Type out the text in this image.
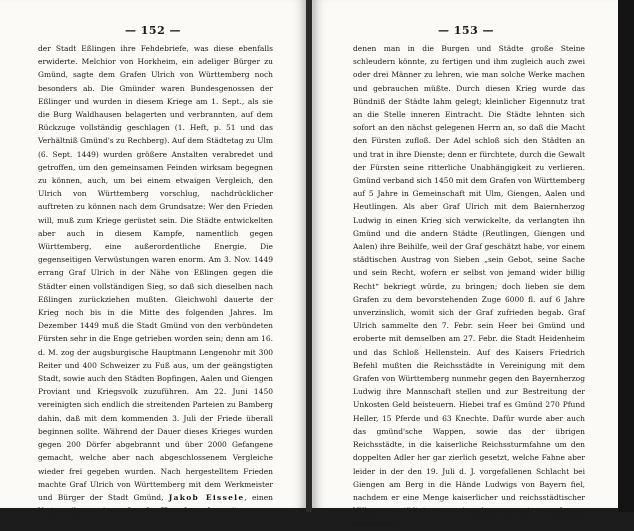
— 152 —

der Stadt Eßlingen ihre Fehdebriefe, was diese ebenfalls erwiderte. Melchior von Horkheim, ein adeliger Bürger zu Gmünd, sagte dem Grafen Ulrich von Württemberg noch besonders ab. Die Gmünder waren Bundesgenossen der Eßlinger und wurden in diesem Kriege am 1. Sept., als sie die Burg Waldhausen belagerten und verbrannten, auf dem Rückzuge vollständig geschlagen (1. Heft, p. 51 und das Verhältniß Gmünd's zu Rechberg). Auf dem Städtetag zu Ulm (6. Sept. 1449) wurden größere Anstalten verabredet und getroffen, um den gemeinsamen Feinden wirksam begegnen zu können, auch, um bei einem etwaigen Vergleich, den Ulrich von Württemberg vorschlug, nachdrücklicher auftreten zu können nach dem Grundsatze: Wer den Frieden will, muß zum Kriege gerüstet sein. Die Städte entwickelten aber auch in diesem Kampfe, namentlich gegen Württemberg, eine außerordentliche Energie. Die gegenseitigen Verwüstungen waren enorm. Am 3. Nov. 1449 errang Graf Ulrich in der Nähe von Eßlingen gegen die Städter einen vollständigen Sieg, so daß sich dieselben nach Eßlingen zurückziehen mußten. Gleichwohl dauerte der Krieg noch bis in die Mitte des folgenden Jahres. Im Dezember 1449 muß die Stadt Gmünd von den verbündeten Fürsten sehr in die Enge getrieben worden sein; denn am 16. d. M. zog der augsburgische Hauptmann Lengenohr mit 300 Reiter und 400 Schweizer zu Fuß aus, um der geängstigten Stadt, sowie auch den Städten Bopfingen, Aalen und Giengen Proviant und Kriegsvolk zuzuführen. Am 22. Juni 1450 vereinigten sich endlich die streitenden Parteien zu Bamberg dahin, daß mit dem kommenden 3. Juli der Friede überall beginnen sollte. Während der Dauer dieses Krieges wurden gegen 200 Dörfer abgebrannt und über 2000 Gefangene gemacht, welche aber nach abgeschlossenem Vergleiche wieder frei gegeben wurden. Nach hergestelltem Frieden machte Graf Ulrich von Württemberg mit dem Werkmeister und Bürger der Stadt Gmünd, Jakob Eissele, einen Vertrag, ihm zwei werfende Handwerke, mit

— 153 —

denen man in die Burgen und Städte große Steine schleudern könnte, zu fertigen und ihm zugleich auch zwei oder drei Männer zu lehren, wie man solche Werke machen und gebrauchen müßte. Durch diesen Krieg wurde das Bündniß der Städte lahm gelegt; kleinlicher Eigennutz trat an die Stelle inneren Eintracht. Die Städte lehnten sich sofort an den nächst gelegenen Herrn an, so daß die Macht den Fürsten zufloß. Der Adel schloß sich den Städten an und trat in ihre Dienste; denn er fürchtete, durch die Gewalt der Fürsten seine ritterliche Unabhängigkeit zu verlieren. Gmünd verband sich 1450 mit dem Grafen von Württemberg auf 5 Jahre in Gemeinschaft mit Ulm, Giengen, Aalen und Heutlingen. Als aber Graf Ulrich mit dem Baiernherzog Ludwig in einen Krieg sich verwickelte, da verlangten ihn Gmünd und die andern Städte (Reutlingen, Giengen und Aalen) ihre Beihilfe, weil der Graf geschätzt habe, vor einem städtischen Austrag von Sieben „sein Gebot, seine Sache und sein Recht, wofern er selbst von jemand wider billig Recht“ bekriegt würde, zu bringen; doch lieben sie dem Grafen zu dem bevorstehenden Zuge 6000 fl. auf 6 Jahre unverzinslich, womit sich der Graf zufrieden begab. Graf Ulrich sammelte den 7. Febr. sein Heer bei Gmünd und eroberte mit demselben am 27. Febr. die Stadt Heidenheim und das Schloß Hellenstein. Auf des Kaisers Friedrich Befehl mußten die Reichsstädte in Vereinigung mit dem Grafen von Württemberg nunmehr gegen den Bayernherzog Ludwig ihre Mannschaft stellen und zur Bestreitung der Unkosten Geld beisteuern. Hiebei traf es Gmünd 270 Pfund Heller, 15 Pferde und 63 Knechte. Dafür wurde aber auch das gmünd'sche Wappen, sowie das der übrigen Reichsstädte, in die kaiserliche Reichssturmfahne um den doppelten Adler her gar zierlich gesetzt, welche Fahne aber leider in der den 19. Juli d. J. vorgefallenen Schlacht bei Giengen am Berg in die Hände Ludwigs von Bayern fiel, nachdem er eine Menge kaiserlicher und reichsstädtischer Völker getödtet, auseinandergesprengt, gefangen genommen
